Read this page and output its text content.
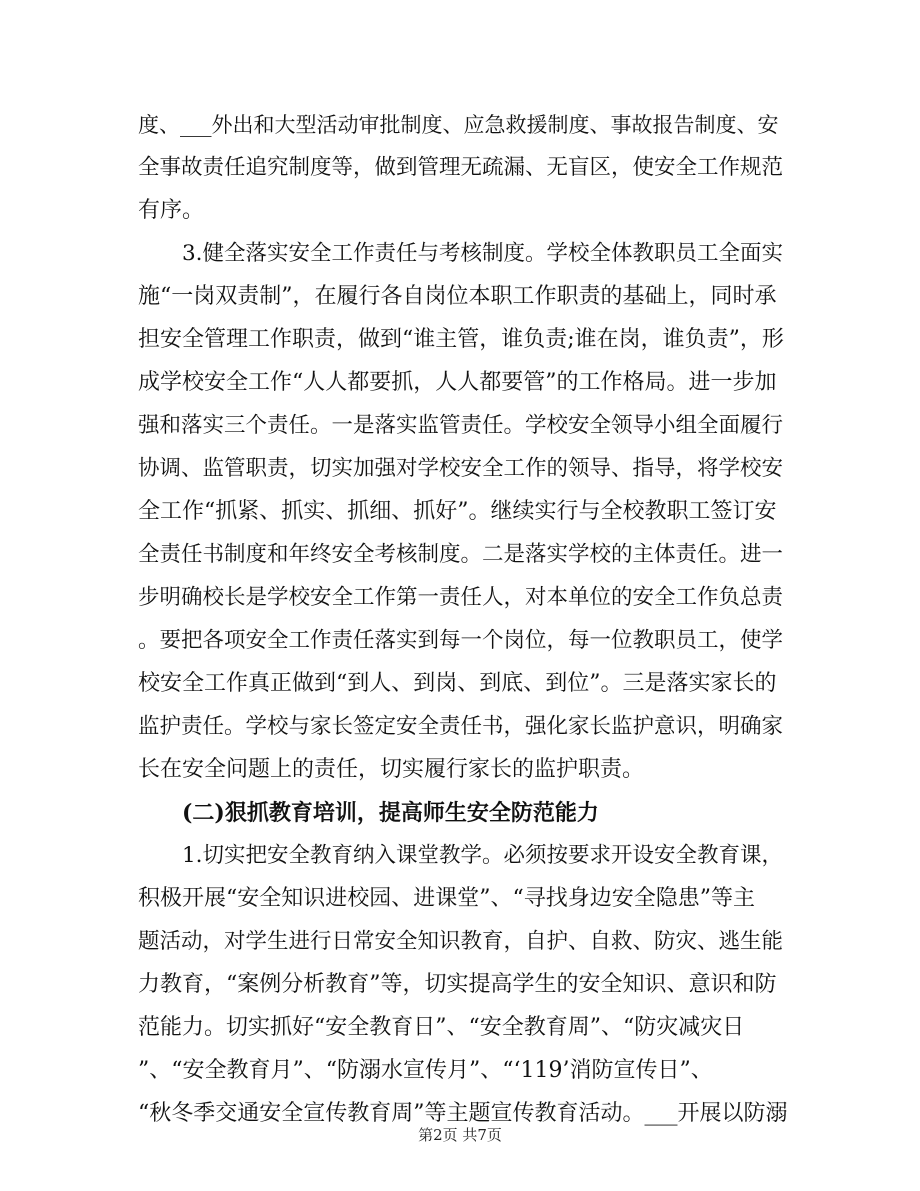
度、___外出和大型活动审批制度、应急救援制度、事故报告制度、安
全事故责任追究制度等，做到管理无疏漏、无盲区，使安全工作规范
有序。
3.健全落实安全工作责任与考核制度。学校全体教职员工全面实
施“一岗双责制”，在履行各自岗位本职工作职责的基础上，同时承
担安全管理工作职责，做到“谁主管，谁负责;谁在岗，谁负责”，形
成学校安全工作“人人都要抓，人人都要管”的工作格局。进一步加
强和落实三个责任。一是落实监管责任。学校安全领导小组全面履行
协调、监管职责，切实加强对学校安全工作的领导、指导，将学校安
全工作“抓紧、抓实、抓细、抓好”。继续实行与全校教职工签订安
全责任书制度和年终安全考核制度。二是落实学校的主体责任。进一
步明确校长是学校安全工作第一责任人，对本单位的安全工作负总责
。要把各项安全工作责任落实到每一个岗位，每一位教职员工，使学
校安全工作真正做到“到人、到岗、到底、到位”。三是落实家长的
监护责任。学校与家长签定安全责任书，强化家长监护意识，明确家
长在安全问题上的责任，切实履行家长的监护职责。
(二)狠抓教育培训，提高师生安全防范能力
1.切实把安全教育纳入课堂教学。必须按要求开设安全教育课，
积极开展“安全知识进校园、进课堂”、“寻找身边安全隐患”等主
题活动，对学生进行日常安全知识教育，自护、自救、防灾、逃生能
力教育，“案例分析教育”等，切实提高学生的安全知识、意识和防
范能力。切实抓好“安全教育日”、“安全教育周”、“防灾减灾日
”、“安全教育月”、“防溺水宣传月”、“‘119’消防宣传日”、
“秋冬季交通安全宣传教育周”等主题宣传教育活动。___开展以防溺
第2页 共7页
